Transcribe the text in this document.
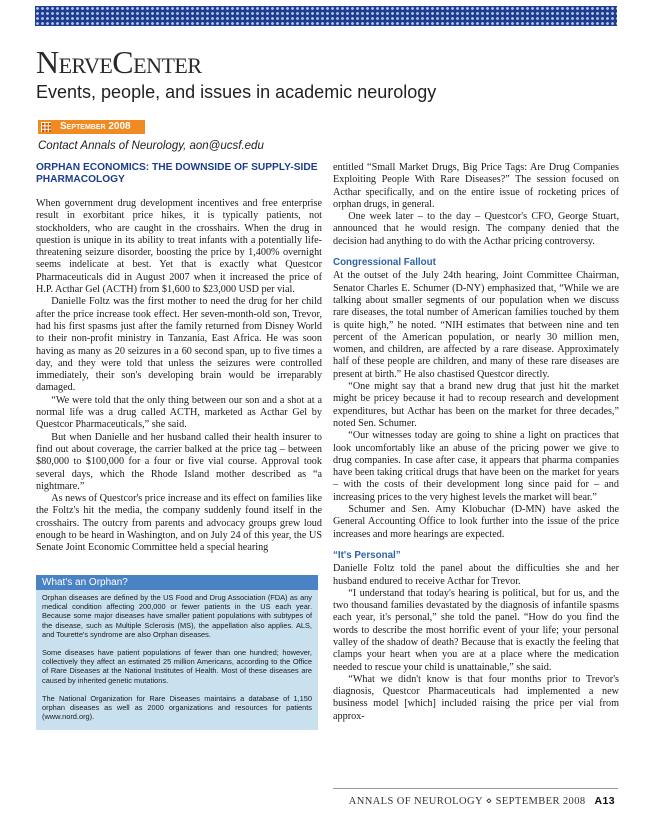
NerveCenter
Events, people, and issues in academic neurology
September 2008
Contact Annals of Neurology, aon@ucsf.edu
ORPHAN ECONOMICS: THE DOWNSIDE OF SUPPLY-SIDE PHARMACOLOGY

When government drug development incentives and free enterprise result in exorbitant price hikes, it is typically patients, not stockholders, who are caught in the crosshairs. When the drug in question is unique in its ability to treat infants with a potentially life-threatening seizure disorder, boosting the price by 1,400% overnight seems indelicate at best. Yet that is exactly what Questcor Pharmaceuticals did in August 2007 when it increased the price of H.P. Acthar Gel (ACTH) from $1,600 to $23,000 USD per vial.

Danielle Foltz was the first mother to need the drug for her child after the price increase took effect. Her seven-month-old son, Trevor, had his first spasms just after the family returned from Disney World to their non-profit ministry in Tanzania, East Africa. He was soon having as many as 20 seizures in a 60 second span, up to five times a day, and they were told that unless the seizures were controlled immediately, their son's developing brain would be irreparably damaged.

“We were told that the only thing between our son and a shot at a normal life was a drug called ACTH, marketed as Acthar Gel by Questcor Pharmaceuticals,” she said.

But when Danielle and her husband called their health insurer to find out about coverage, the carrier balked at the price tag – between $80,000 to $100,000 for a four or five vial course. Approval took several days, which the Rhode Island mother described as “a nightmare.”

As news of Questcor's price increase and its effect on families like the Foltz's hit the media, the company suddenly found itself in the crosshairs. The outcry from parents and advocacy groups grew loud enough to be heard in Washington, and on July 24 of this year, the US Senate Joint Economic Committee held a special hearing

What's an Orphan?

Orphan diseases are defined by the US Food and Drug Association (FDA) as any medical condition affecting 200,000 or fewer patients in the US each year. Because some major diseases have smaller patient populations with subtypes of the disease, such as Multiple Sclerosis (MS), the appellation also applies. ALS, and Tourette's syndrome are also Orphan diseases.

Some diseases have patient populations of fewer than one hundred; however, collectively they affect an estimated 25 million Americans, according to the Office of Rare Diseases at the National Institutes of Health. Most of these diseases are caused by inherited genetic mutations.

The National Organization for Rare Diseases maintains a database of 1,150 orphan diseases as well as 2000 organizations and resources for patients (www.nord.org).

entitled “Small Market Drugs, Big Price Tags: Are Drug Companies Exploiting People With Rare Diseases?” The session focused on Acthar specifically, and on the entire issue of rocketing prices of orphan drugs, in general.

One week later – to the day – Questcor's CFO, George Stuart, announced that he would resign. The company denied that the decision had anything to do with the Acthar pricing controversy.

Congressional Fallout

At the outset of the July 24th hearing, Joint Committee Chairman, Senator Charles E. Schumer (D-NY) emphasized that, “While we are talking about smaller segments of our population when we discuss rare diseases, the total number of American families touched by them is quite high,” he noted. “NIH estimates that between nine and ten percent of the American population, or nearly 30 million men, women, and children, are affected by a rare disease. Approximately half of these people are children, and many of these rare diseases are present at birth.” He also chastised Questcor directly.

“One might say that a brand new drug that just hit the market might be pricey because it had to recoup research and development expenditures, but Acthar has been on the market for three decades,” noted Sen. Schumer.

“Our witnesses today are going to shine a light on practices that look uncomfortably like an abuse of the pricing power we give to drug companies. In case after case, it appears that pharma companies have been taking critical drugs that have been on the market for years – with the costs of their development long since paid for – and increasing prices to the very highest levels the market will bear.”

Schumer and Sen. Amy Klobuchar (D-MN) have asked the General Accounting Office to look further into the issue of the price increases and more hearings are expected.

“It's Personal”

Danielle Foltz told the panel about the difficulties she and her husband endured to receive Acthar for Trevor.

“I understand that today's hearing is political, but for us, and the two thousand families devastated by the diagnosis of infantile spasms each year, it's personal,” she told the panel. “How do you find the words to describe the most horrific event of your life; your personal valley of the shadow of death? Because that is exactly the feeling that clamps your heart when you are at a place where the medication needed to rescue your child is unattainable,” she said.

“What we didn't know is that four months prior to Trevor's diagnosis, Questcor Pharmaceuticals had implemented a new business model [which] included raising the price per vial from approx-

ANNALS OF NEUROLOGY ⋄ SEPTEMBER 2008 A13
